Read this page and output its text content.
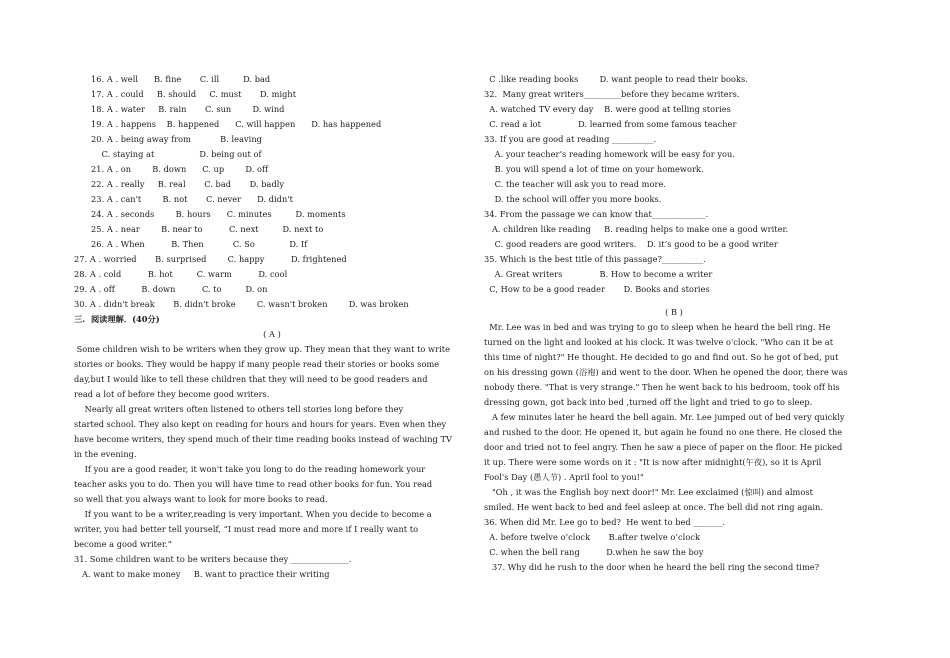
16. A . well      B. fine       C. ill         D. bad
17. A . could     B. should     C. must       D. might
18. A . water     B. rain       C. sun        D. wind
19. A . happens    B. happened      C. will happen      D. has happened
20. A . being away from           B. leaving
C. staying at                 D. being out of
21. A . on        B. down      C. up        D. off
22. A . really     B. real       C. bad       D. badly
23. A . can't        B. not       C. never      D. didn't
24. A . seconds        B. hours      C. minutes         D. moments
25. A . near        B. near to          C. next         D. next to
26. A . When          B. Then           C. So             D. If
27. A . worried       B. surprised        C. happy          D. frightened
28. A . cold          B. hot         C. warm          D. cool
29. A . off          B. down          C. to         D. on
30. A . didn't break       B. didn't broke        C. wasn't broken        D. was broken
三.  阅读理解．(40分)
( A )
Some children wish to be writers when they grow up. They mean that they want to write
stories or books. They would be happy if many people read their stories or books some
day,but I would like to tell these children that they will need to be good readers and
read a lot of before they become good writers.
Nearly all great writers often listened to others tell stories long before they
started school. They also kept on reading for hours and hours for years. Even when they
have become writers, they spend much of their time reading books instead of waching TV
in the evening.
If you are a good reader, it won't take you long to do the reading homework your
teacher asks you to do. Then you will have time to read other books for fun. You read
so well that you always want to look for more books to read.
If you want to be a writer,reading is very important. When you decide to become a
writer, you had better tell yourself, “I must read more and more if I really want to
become a good writer.”
31. Some children want to be writers because they ______________.
A. want to make money     B. want to practice their writing
C .like reading books        D. want people to read their books.
32.  Many great writers_________before they became writers.
A. watched TV every day    B. were good at telling stories
C. read a lot              D. learned from some famous teacher
33. If you are good at reading __________.
A. your teacher’s reading homework will be easy for you.
B. you will spend a lot of time on your homework.
C. the teacher will ask you to read more.
D. the school will offer you more books.
34. From the passage we can know that_____________.
A. children like reading     B. reading helps to make one a good writer.
C. good readers are good writers.    D. it’s good to be a good writer
35. Which is the best title of this passage?__________.
A. Great writers              B. How to become a writer
C, How to be a good reader       D. Books and stories
( B )
Mr. Lee was in bed and was trying to go to sleep when he heard the bell ring. He
turned on the light and looked at his clock. It was twelve o'clock. "Who can it be at
this time of night?" He thought. He decided to go and find out. So he got of bed, put
on his dressing gown (浴袍) and went to the door. When he opened the door, there was
nobody there. "That is very strange." Then he went back to his bedroom, took off his
dressing gown, got back into bed ,turned off the light and tried to go to sleep.
A few minutes later he heard the bell again. Mr. Lee jumped out of bed very quickly
and rushed to the door. He opened it, but again he found no one there. He closed the
door and tried not to feel angry. Then he saw a piece of paper on the floor. He picked
it up. There were some words on it : "It is now after midnight(午夜), so it is April
Fool's Day (愚人节) . April fool to you!"
"Oh , it was the English boy next door!" Mr. Lee exclaimed (惊叫) and almost
smiled. He went back to bed and feel asleep at once. The bell did not ring again.
36. When did Mr. Lee go to bed?  He went to bed _______.
A. before twelve o’clock       B.after twelve o’clock
C. when the bell rang          D.when he saw the boy
37. Why did he rush to the door when he heard the bell ring the second time?
